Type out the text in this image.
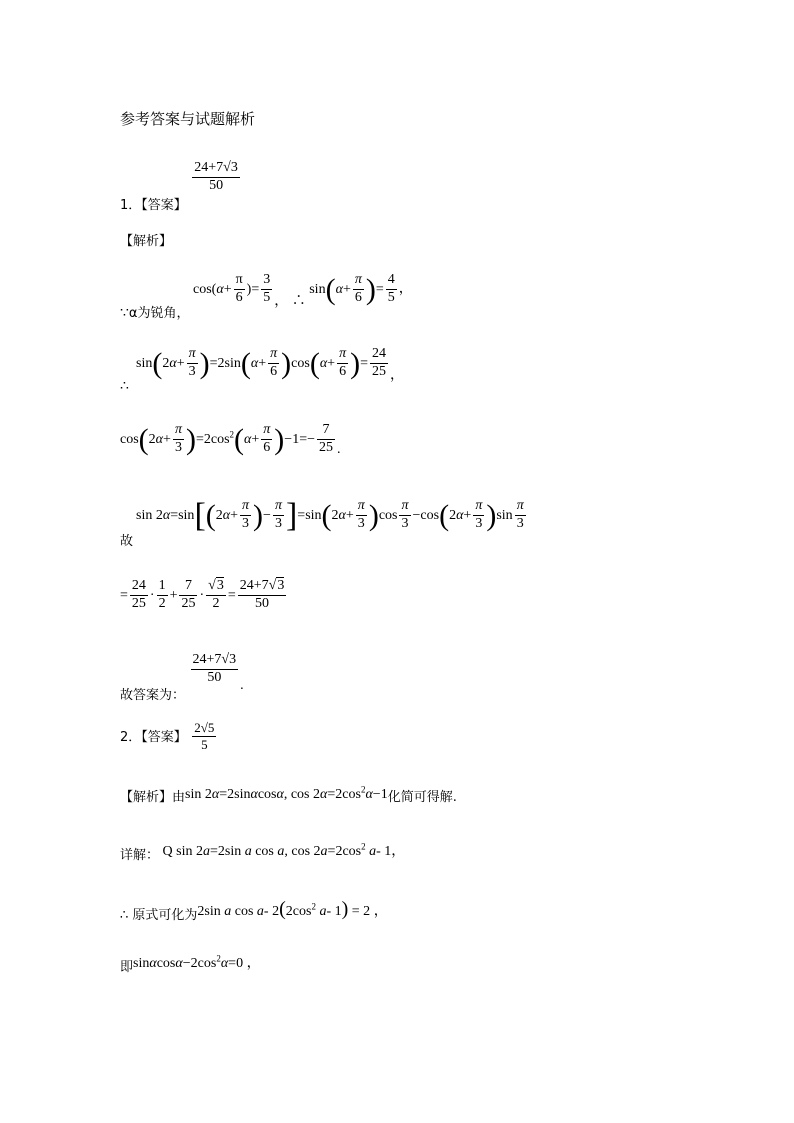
参考答案与试题解析
1．【答案】
$\frac{24+7√3}{50}$
【解析】
∵α为锐角， $\cos(\alpha+ \frac{\pi}{6}$ )= $\frac{3}{5}$ ， ∴ $\sin(\alpha+ \frac{\pi}{6}$ )= $\frac{4}{5}$ ，
∴
$\sin(2\alpha+ \frac{\pi}{3} )=2\sin(\alpha+ \frac{\pi}{6} )\cos(\alpha+ \frac{\pi}{6}$ )= $\frac{24}{25}$ ，
$\cos(2\alpha+ \frac{\pi}{3} )=2\cos^2(\alpha+ \frac{\pi}{6} )-1=- \frac{7}{25}$ .
故
$\sin 2\alpha=\sin[(2\alpha+ \frac{\pi}{3}$ )− $\frac{\pi}{3} ]=\sin(2\alpha+ \frac{\pi}{3} )\cos \frac{\pi}{3} -\cos(2\alpha+ \frac{\pi}{3} )\sin \frac{\pi}{3}$
= $\frac{24}{25} \cdot \frac{1}{2} + \frac{7}{25} \cdot \frac{√3}{2} = \frac{24+7√3}{50}$
故答案为：
$\frac{24+7√3}{50}$ .
2．【答案】 $\frac{2√5}{5}$
【解析】由sin 2α=2sinαcosα, $\cos 2\alpha=2\cos^2\alpha-1$化简可得解.
详解： Q sin 2a=2sin a cos a, $\cos 2a=2\cos^2$ a- 1，
∴ 原式可化为2sin a cos a- $2(2\cos^2$ a- 1) = 2 ，
即$\sin\alpha\cos\alpha-2\cos^2\alpha=0$ ，
